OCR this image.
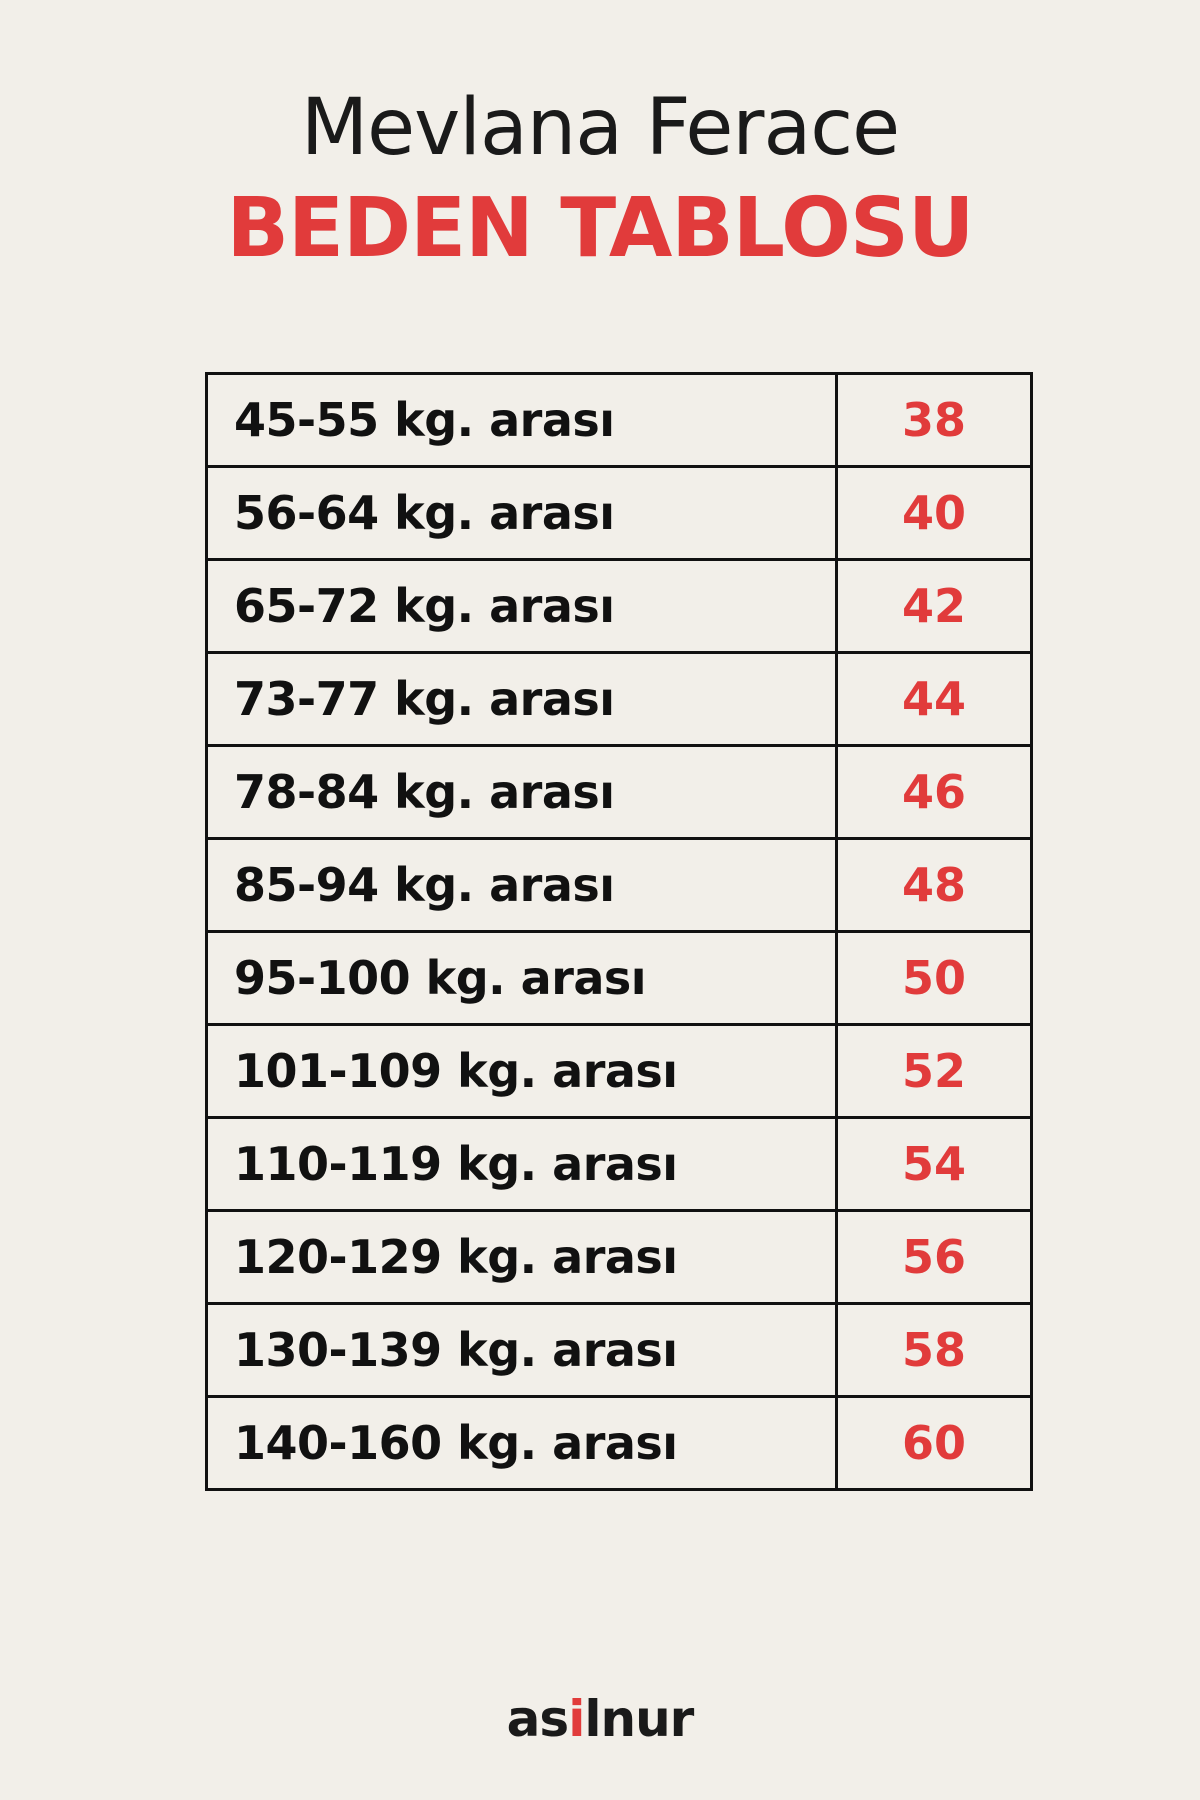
Mevlana Ferace
BEDEN TABLOSU
45-55 kg. arası	38
56-64 kg. arası	40
65-72 kg. arası	42
73-77 kg. arası	44
78-84 kg. arası	46
85-94 kg. arası	48
95-100 kg. arası	50
101-109 kg. arası	52
110-119 kg. arası	54
120-129 kg. arası	56
130-139 kg. arası	58
140-160 kg. arası	60
asilnur
